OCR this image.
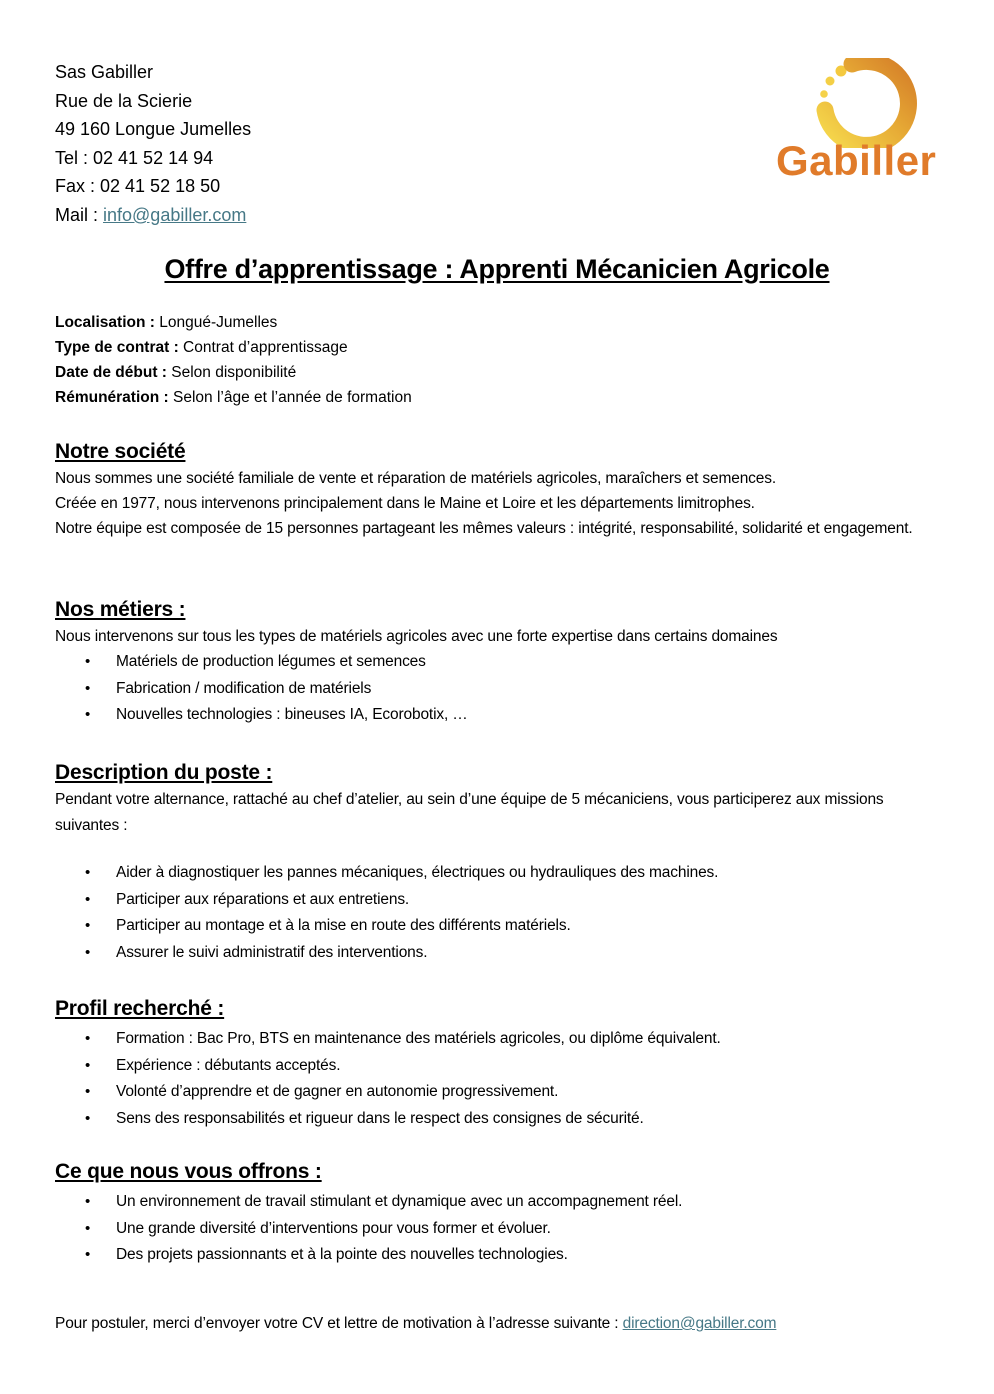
Sas Gabiller
Rue de la Scierie
49 160 Longue Jumelles
Tel : 02 41 52 14 94
Fax : 02 41 52 18 50
Mail : info@gabiller.com
Gabiller
Offre d’apprentissage : Apprenti Mécanicien Agricole
Localisation : Longué-Jumelles
Type de contrat : Contrat d’apprentissage
Date de début : Selon disponibilité
Rémunération : Selon l’âge et l’année de formation
Notre société

Nous sommes une société familiale de vente et réparation de matériels agricoles, maraîchers et semences.

Créée en 1977, nous intervenons principalement dans le Maine et Loire et les départements limitrophes.

Notre équipe est composée de 15 personnes partageant les mêmes valeurs : intégrité, responsabilité, solidarité et engagement.

Nos métiers :

Nous intervenons sur tous les types de matériels agricoles avec une forte expertise dans certains domaines

• Matériels de production légumes et semences
• Fabrication / modification de matériels
• Nouvelles technologies : bineuses IA, Ecorobotix, …
Description du poste :

Pendant votre alternance, rattaché au chef d’atelier, au sein d’une équipe de 5 mécaniciens, vous participerez aux missions suivantes :

• Aider à diagnostiquer les pannes mécaniques, électriques ou hydrauliques des machines.
• Participer aux réparations et aux entretiens.
• Participer au montage et à la mise en route des différents matériels.
• Assurer le suivi administratif des interventions.
Profil recherché :
• Formation : Bac Pro, BTS en maintenance des matériels agricoles, ou diplôme équivalent.
• Expérience : débutants acceptés.
• Volonté d’apprendre et de gagner en autonomie progressivement.
• Sens des responsabilités et rigueur dans le respect des consignes de sécurité.
Ce que nous vous offrons :
• Un environnement de travail stimulant et dynamique avec un accompagnement réel.
• Une grande diversité d’interventions pour vous former et évoluer.
• Des projets passionnants et à la pointe des nouvelles technologies.
Pour postuler, merci d’envoyer votre CV et lettre de motivation à l’adresse suivante : direction@gabiller.com
